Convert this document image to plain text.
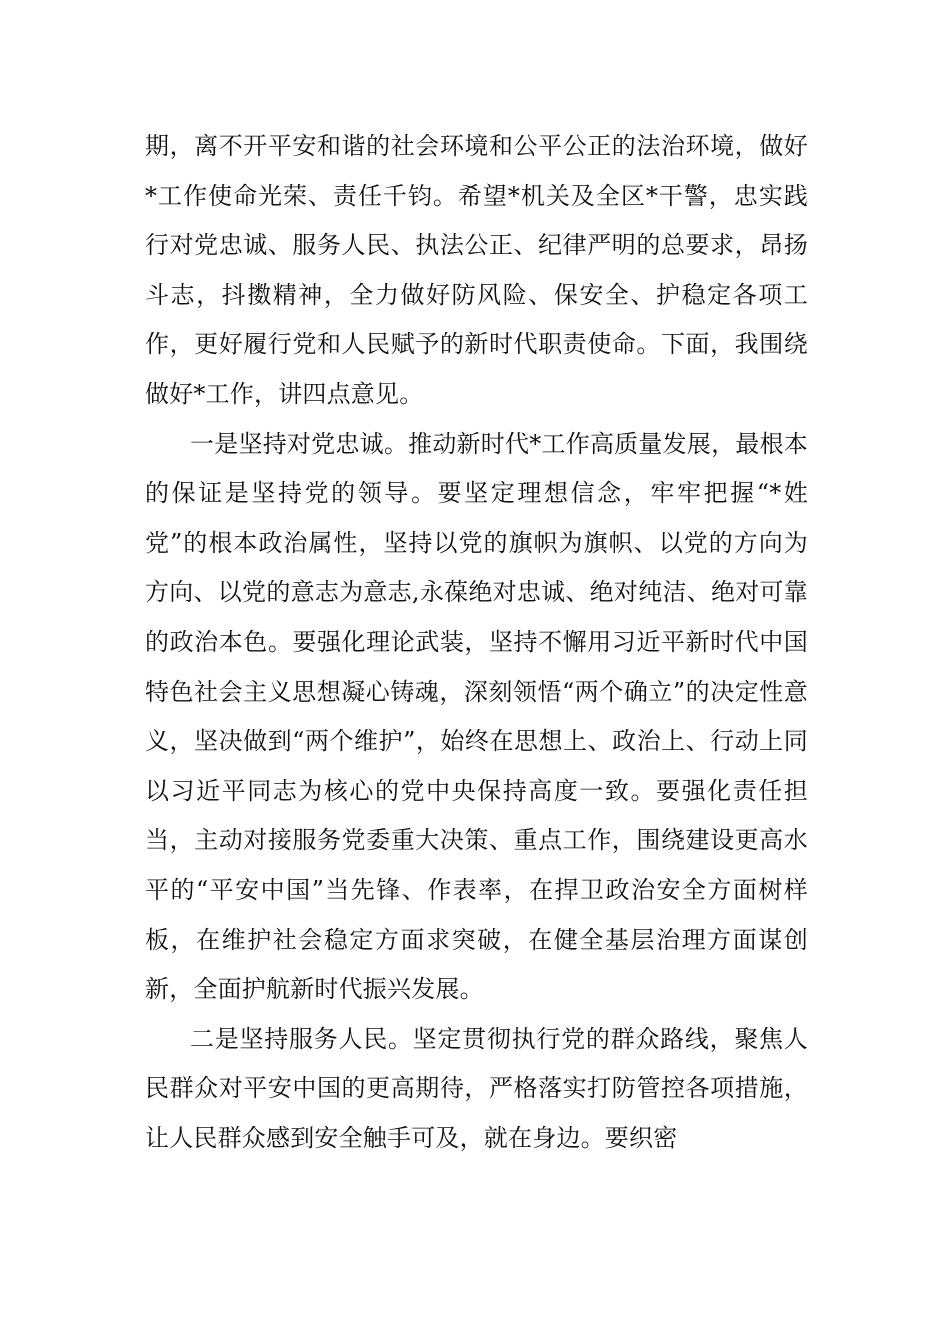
期，离不开平安和谐的社会环境和公平公正的法治环境，做好*工作使命光荣、责任千钧。希望*机关及全区*干警，忠实践行对党忠诚、服务人民、执法公正、纪律严明的总要求，昂扬斗志，抖擞精神，全力做好防风险、保安全、护稳定各项工作，更好履行党和人民赋予的新时代职责使命。下面，我围绕做好*工作，讲四点意见。

一是坚持对党忠诚。推动新时代*工作高质量发展，最根本的保证是坚持党的领导。要坚定理想信念，牢牢把握“*姓党”的根本政治属性，坚持以党的旗帜为旗帜、以党的方向为方向、以党的意志为意志,永葆绝对忠诚、绝对纯洁、绝对可靠的政治本色。要强化理论武装，坚持不懈用习近平新时代中国特色社会主义思想凝心铸魂，深刻领悟“两个确立”的决定性意义，坚决做到“两个维护”，始终在思想上、政治上、行动上同以习近平同志为核心的党中央保持高度一致。要强化责任担当，主动对接服务党委重大决策、重点工作，围绕建设更高水平的“平安中国”当先锋、作表率，在捍卫政治安全方面树样板，在维护社会稳定方面求突破，在健全基层治理方面谋创新，全面护航新时代振兴发展。

二是坚持服务人民。坚定贯彻执行党的群众路线，聚焦人民群众对平安中国的更高期待，严格落实打防管控各项措施，让人民群众感到安全触手可及，就在身边。要织密
